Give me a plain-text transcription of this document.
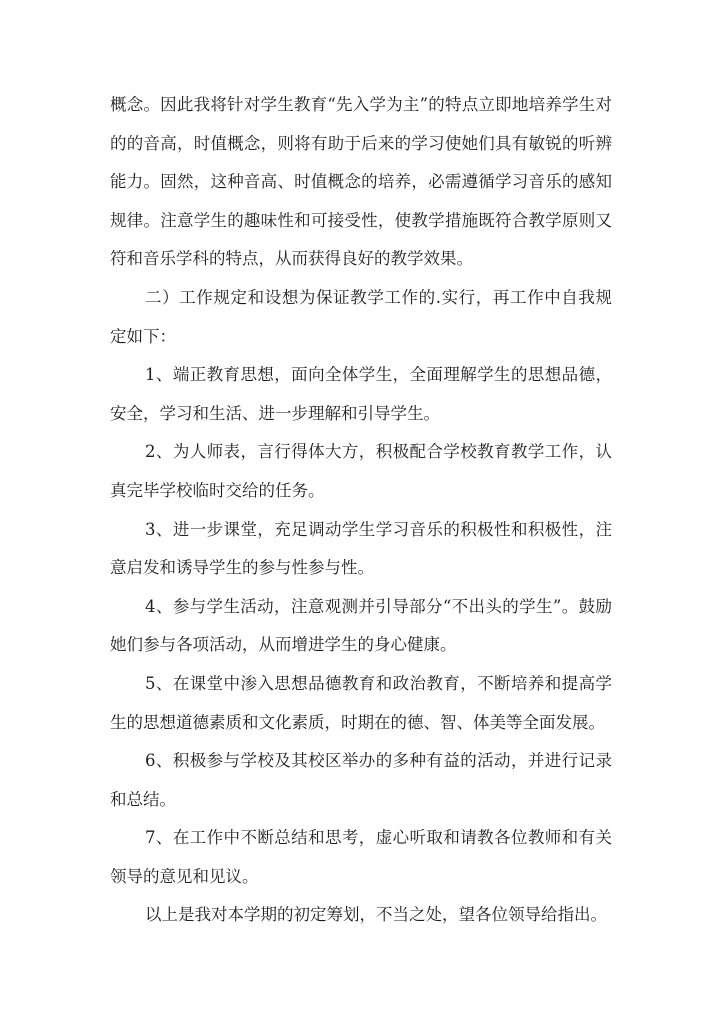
概念。因此我将针对学生教育“先入学为主”的特点立即地培养学生对的的音高，时值概念，则将有助于后来的学习使她们具有敏锐的听辨能力。固然，这种音高、时值概念的培养，必需遵循学习音乐的感知规律。注意学生的趣味性和可接受性，使教学措施既符合教学原则又符和音乐学科的特点，从而获得良好的教学效果。

二）工作规定和设想为保证教学工作的.实行，再工作中自我规定如下：

1、端正教育思想，面向全体学生，全面理解学生的思想品德，安全，学习和生活、进一步理解和引导学生。

2、为人师表，言行得体大方，积极配合学校教育教学工作，认真完毕学校临时交给的任务。

3、进一步课堂，充足调动学生学习音乐的积极性和积极性，注意启发和诱导学生的参与性参与性。

4、参与学生活动，注意观测并引导部分“不出头的学生”。鼓励她们参与各项活动，从而增进学生的身心健康。

5、在课堂中渗入思想品德教育和政治教育，不断培养和提高学生的思想道德素质和文化素质，时期在的德、智、体美等全面发展。

6、积极参与学校及其校区举办的多种有益的活动，并进行记录和总结。

7、在工作中不断总结和思考，虚心听取和请教各位教师和有关领导的意见和见议。

以上是我对本学期的初定筹划，不当之处，望各位领导给指出。
